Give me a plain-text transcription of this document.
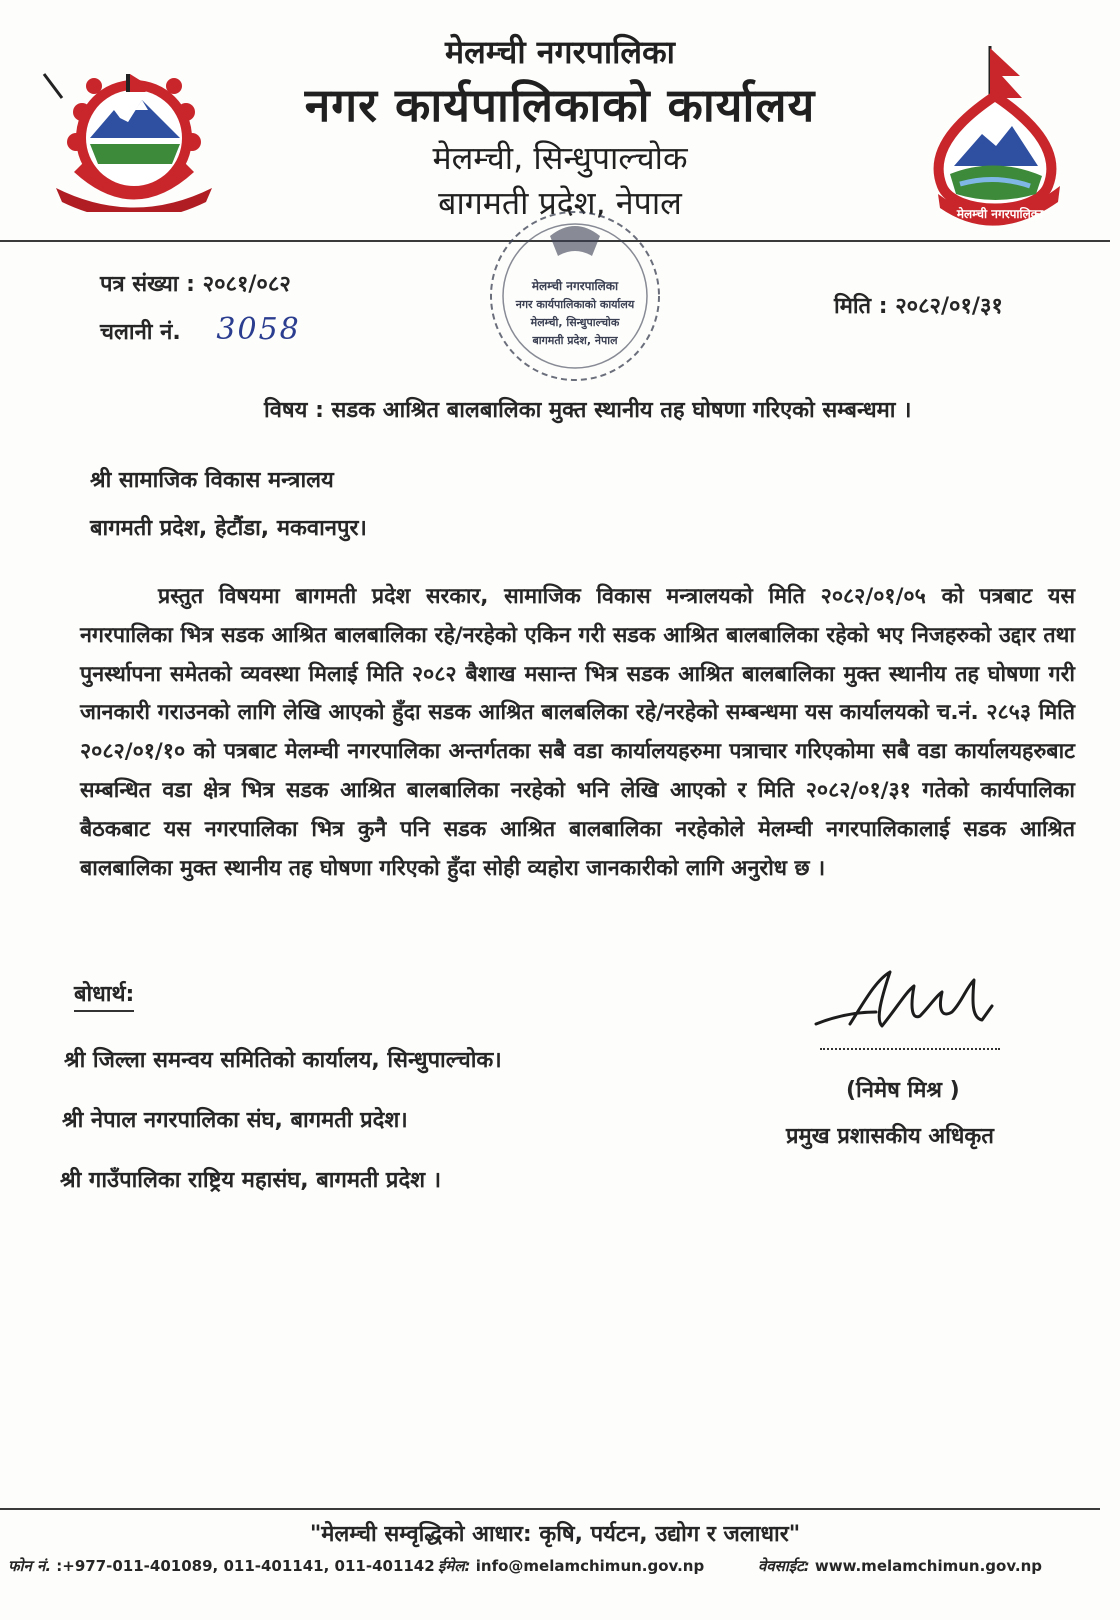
मेलम्ची नगरपालिका
नगर कार्यपालिकाको कार्यालय
मेलम्ची, सिन्धुपाल्चोक
बागमती प्रदेश, नेपाल	मेलम्ची नगरपालिका
पत्र संख्या : २०८१/०८२
चलानी नं. 3058
मिति : २०८२/०१/३१
मेलम्ची नगरपालिका
नगर कार्यपालिकाको कार्यालय
मेलम्ची, सिन्धुपाल्चोक
बागमती प्रदेश, नेपाल
विषय : सडक आश्रित बालबालिका मुक्त स्थानीय तह घोषणा गरिएको सम्बन्धमा ।
श्री सामाजिक विकास मन्त्रालय
बागमती प्रदेश, हेटौंडा, मकवानपुर।
प्रस्तुत विषयमा बागमती प्रदेश सरकार, सामाजिक विकास मन्त्रालयको मिति २०८२/०१/०५ को पत्रबाट यस नगरपालिका भित्र सडक आश्रित बालबालिका रहे/नरहेको एकिन गरी सडक आश्रित बालबालिका रहेको भए निजहरुको उद्दार तथा पुनर्स्थापना समेतको व्यवस्था मिलाई मिति २०८२ बैशाख मसान्त भित्र सडक आश्रित बालबालिका मुक्त स्थानीय तह घोषणा गरी जानकारी गराउनको लागि लेखि आएको हुँदा सडक आश्रित बालबलिका रहे/नरहेको सम्बन्धमा यस कार्यालयको च.नं. २८५३ मिति २०८२/०१/१० को पत्रबाट मेलम्ची नगरपालिका अन्तर्गतका सबै वडा कार्यालयहरुमा पत्राचार गरिएकोमा सबै वडा कार्यालयहरुबाट सम्बन्धित वडा क्षेत्र भित्र सडक आश्रित बालबालिका नरहेको भनि लेखि आएको र मिति २०८२/०१/३१ गतेको कार्यपालिका बैठकबाट यस नगरपालिका भित्र कुनै पनि सडक आश्रित बालबालिका नरहेकोले मेलम्ची नगरपालिकालाई सडक आश्रित बालबालिका मुक्त स्थानीय तह घोषणा गरिएको हुँदा सोही व्यहोरा जानकारीको लागि अनुरोध छ ।
बोधार्थ:
श्री जिल्ला समन्वय समितिको कार्यालय, सिन्धुपाल्चोक।
श्री नेपाल नगरपालिका संघ, बागमती प्रदेश।
श्री गाउँपालिका राष्ट्रिय महासंघ, बागमती प्रदेश ।
(निमेष मिश्र )
प्रमुख प्रशासकीय अधिकृत
"मेलम्ची सम्वृद्धिको आधार: कृषि, पर्यटन, उद्योग र जलाधार"
फोन नं. :+977-011-401089, 011-401141, 011-401142 ईमेल: info@melamchimun.gov.np	वेवसाईट: www.melamchimun.gov.np
